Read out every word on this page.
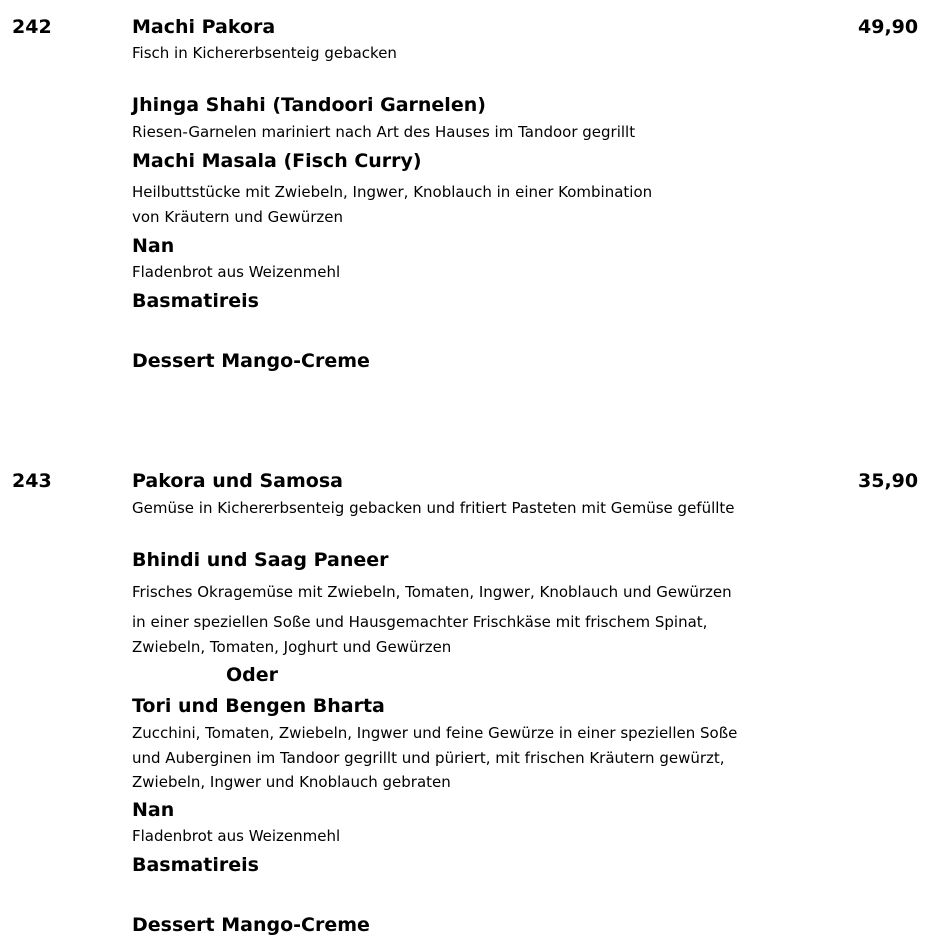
242	49,90
Machi Pakora
Fisch in Kichererbsenteig gebacken
Jhinga Shahi (Tandoori Garnelen)
Riesen-Garnelen mariniert nach Art des Hauses im Tandoor gegrillt
Machi Masala (Fisch Curry)
Heilbuttstücke mit Zwiebeln, Ingwer, Knoblauch in einer Kombination
von Kräutern und Gewürzen
Nan
Fladenbrot aus Weizenmehl
Basmatireis
Dessert Mango-Creme
243	35,90
Pakora und Samosa
Gemüse in Kichererbsenteig gebacken und fritiert Pasteten mit Gemüse gefüllte
Bhindi und Saag Paneer
Frisches Okragemüse mit Zwiebeln, Tomaten, Ingwer, Knoblauch und Gewürzen
in einer speziellen Soße und Hausgemachter Frischkäse mit frischem Spinat,
Zwiebeln, Tomaten, Joghurt und Gewürzen
Oder
Tori und Bengen Bharta
Zucchini, Tomaten, Zwiebeln, Ingwer und feine Gewürze in einer speziellen Soße
und Auberginen im Tandoor gegrillt und püriert, mit frischen Kräutern gewürzt,
Zwiebeln, Ingwer und Knoblauch gebraten
Nan
Fladenbrot aus Weizenmehl
Basmatireis
Dessert Mango-Creme
